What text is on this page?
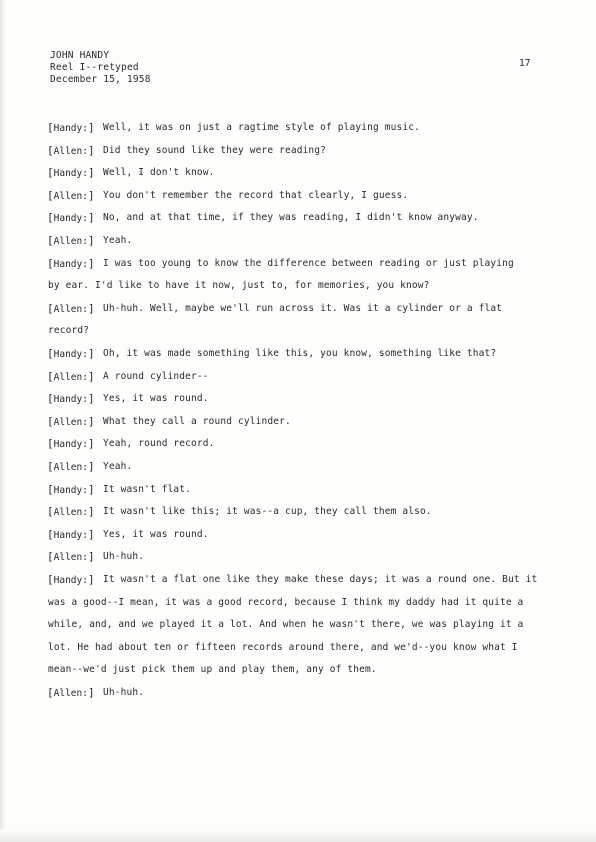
JOHN HANDY
Reel I--retyped
December 15, 1958
17
[Handy:] Well, it was on just a ragtime style of playing music.
[Allen:] Did they sound like they were reading?
[Handy:] Well, I don't know.
[Allen:] You don't remember the record that clearly, I guess.
[Handy:] No, and at that time, if they was reading, I didn't know anyway.
[Allen:] Yeah.
[Handy:] I was too young to know the difference between reading or just playing
by ear. I'd like to have it now, just to, for memories, you know?
[Allen:] Uh-huh. Well, maybe we'll run across it. Was it a cylinder or a flat
record?
[Handy:] Oh, it was made something like this, you know, something like that?
[Allen:] A round cylinder--
[Handy:] Yes, it was round.
[Allen:] What they call a round cylinder.
[Handy:] Yeah, round record.
[Allen:] Yeah.
[Handy:] It wasn't flat.
[Allen:] It wasn't like this; it was--a cup, they call them also.
[Handy:] Yes, it was round.
[Allen:] Uh-huh.
[Handy:] It wasn't a flat one like they make these days; it was a round one. But it
was a good--I mean, it was a good record, because I think my daddy had it quite a
while, and, and we played it a lot. And when he wasn't there, we was playing it a
lot. He had about ten or fifteen records around there, and we'd--you know what I
mean--we'd just pick them up and play them, any of them.
[Allen:] Uh-huh.
